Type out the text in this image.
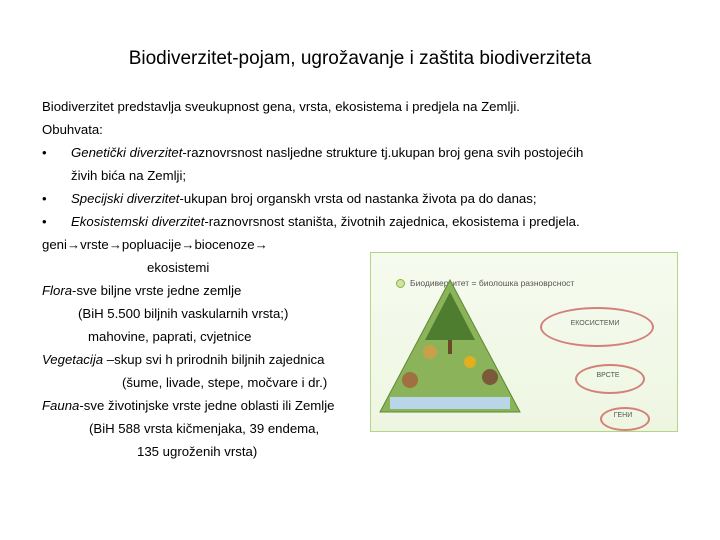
Biodiverzitet-pojam, ugrožavanje i zaštita biodiverziteta
Biodiverzitet predstavlja sveukupnost gena, vrsta, ekosistema i predjela na Zemlji.
Obuhvata:
• Genetički diverzitet-raznovrsnost nasljedne strukture tj.ukupan broj gena svih postojećih
živih bića na Zemlji;
• Specijski diverzitet-ukupan broj organskh vrsta od nastanka života pa do danas;
• Ekosistemski diverzitet-raznovrsnost staništa, životnih zajednica, ekosistema i predjela.
geni→vrste→popluacije→biocenoze→
ekosistemi
Flora-sve biljne vrste jedne zemlje
(BiH 5.500 biljnih vaskularnih vrsta;)
mahovine, paprati, cvjetnice
Vegetacija –skup svi h prirodnih biljnih zajednica
(šume, livade, stepe, močvare i dr.)
Fauna-sve životinjske vrste jedne oblasti ili Zemlje
(BiH 588 vrsta kičmenjaka, 39 endema,
135 ugroženih vrsta)
Биодиверзитет = биолошка разноврсност
ЕКОСИСТЕМИ
ВРСТЕ
ГЕНИ
